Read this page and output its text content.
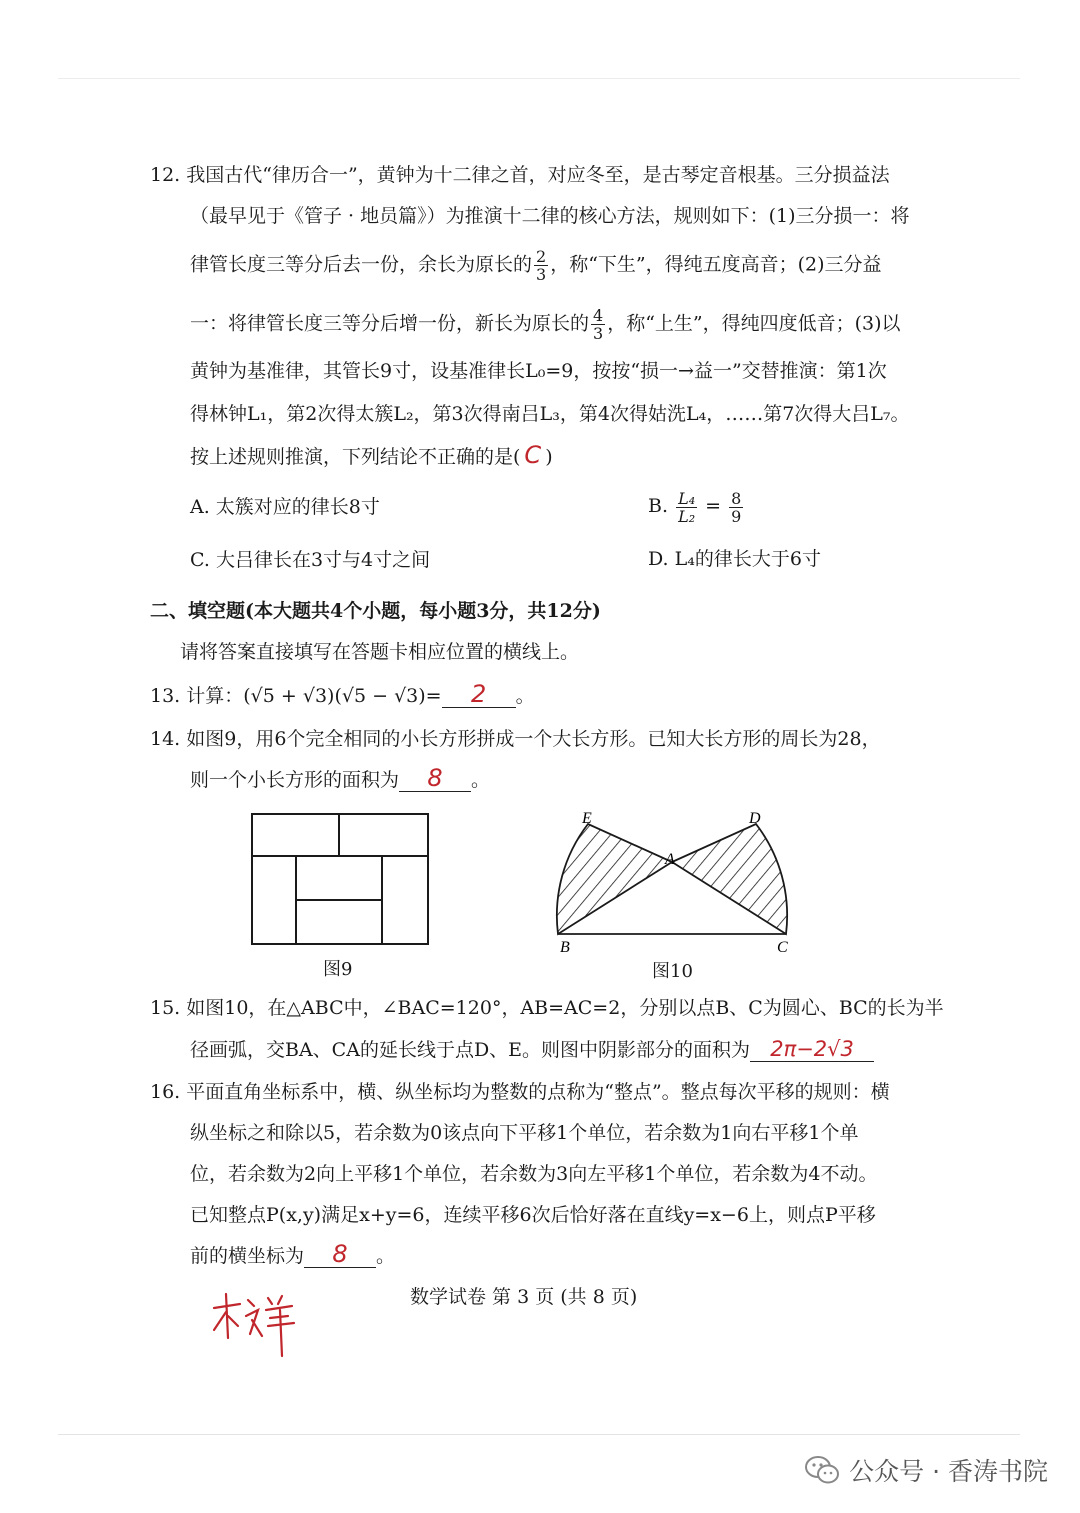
12. 我国古代“律历合一”，黄钟为十二律之首，对应冬至，是古琴定音根基。三分损益法
（最早见于《管子 · 地员篇》）为推演十二律的核心方法，规则如下：(1)三分损一：将
律管长度三等分后去一份，余长为原长的 $\frac{2}{3}$ ，称“下生”，得纯五度高音；(2)三分益
一：将律管长度三等分后增一份，新长为原长的 $\frac{4}{3}$ ，称“上生”，得纯四度低音；(3)以
黄钟为基准律，其管长9寸，设基准律长L₀=9，按按“损一→益一”交替推演：第1次
得林钟L₁，第2次得太簇L₂，第3次得南吕L₃，第4次得姑洗L₄，……第7次得大吕L₇。
按上述规则推演，下列结论不正确的是( C )
A. 太簇对应的律长8寸	B. $\frac{\text{L₄}}{\text{L₂}} = \frac{8}{9}$
C. 大吕律长在3寸与4寸之间	D. L₄的律长大于6寸
二、填空题(本大题共4个小题，每小题3分，共12分)
请将答案直接填写在答题卡相应位置的横线上。
13. 计算：(√5 + √3)(√5 − √3)= 2 。
14. 如图9，用6个完全相同的小长方形拼成一个大长方形。已知大长方形的周长为28，
则一个小长方形的面积为 8 。
图9
E	D
A
B	C
图10
15. 如图10，在△ABC中，∠BAC=120°，AB=AC=2，分别以点B、C为圆心、BC的长为半
径画弧，交BA、CA的延长线于点D、E。则图中阴影部分的面积为 2π−2√3
16. 平面直角坐标系中，横、纵坐标均为整数的点称为“整点”。整点每次平移的规则：横
纵坐标之和除以5，若余数为0该点向下平移1个单位，若余数为1向右平移1个单
位，若余数为2向上平移1个单位，若余数为3向左平移1个单位，若余数为4不动。
已知整点P(x,y)满足x+y=6，连续平移6次后恰好落在直线y=x−6上，则点P平移
前的横坐标为 8 。
数学试卷 第 3 页 (共 8 页)
公众号 · 香涛书院
